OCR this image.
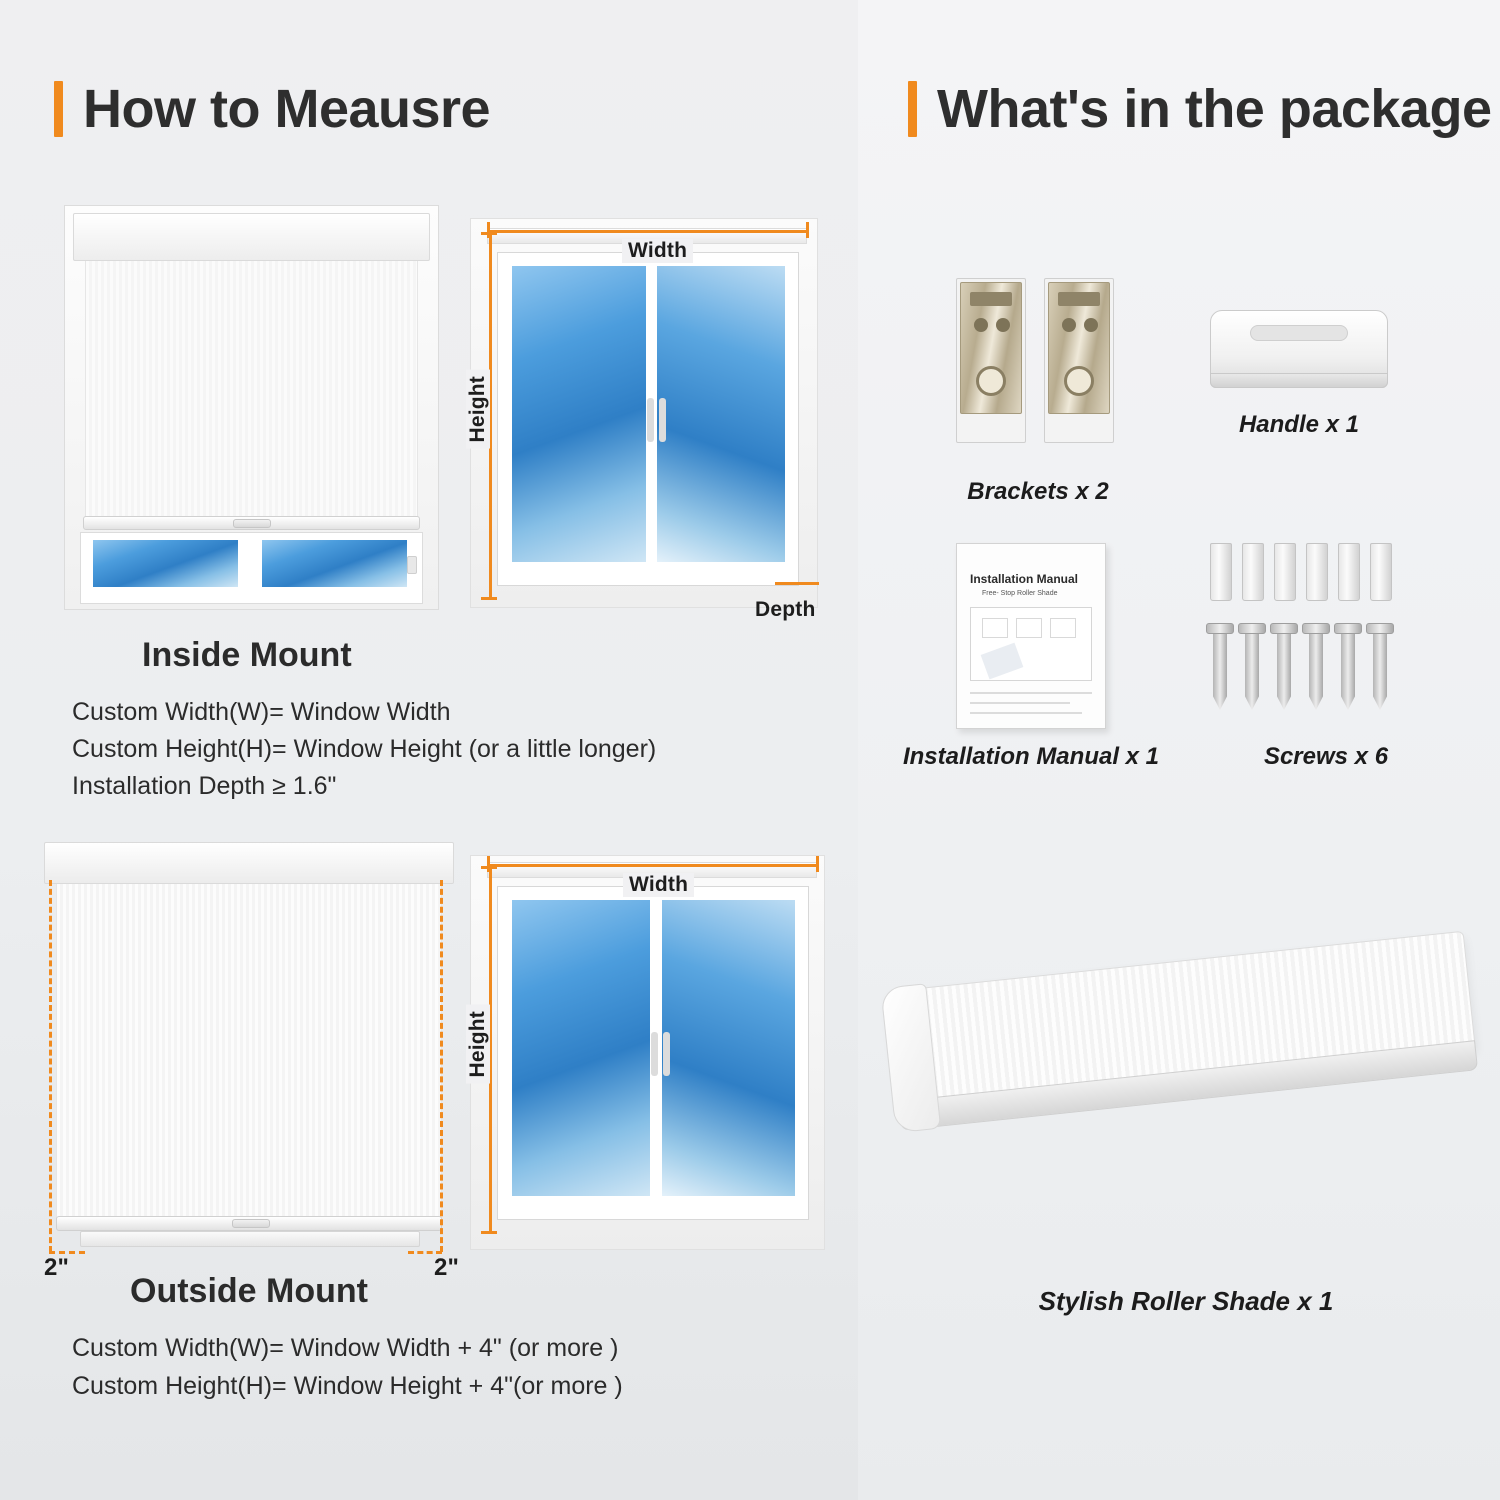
How to Meausre
Width
Height
Depth
Inside Mount
Custom Width(W)= Window Width
Custom Height(H)= Window Height (or a little longer)
Installation Depth ≥ 1.6"
2"	2"
Width
Height
Outside Mount
Custom Width(W)= Window Width + 4" (or more )
Custom Height(H)= Window Height + 4"(or more )
What's in the package
Brackets x 2
Handle x 1
Installation Manual
Free- Stop Roller Shade
Installation Manual x 1	Screws x 6
Stylish Roller Shade x 1
